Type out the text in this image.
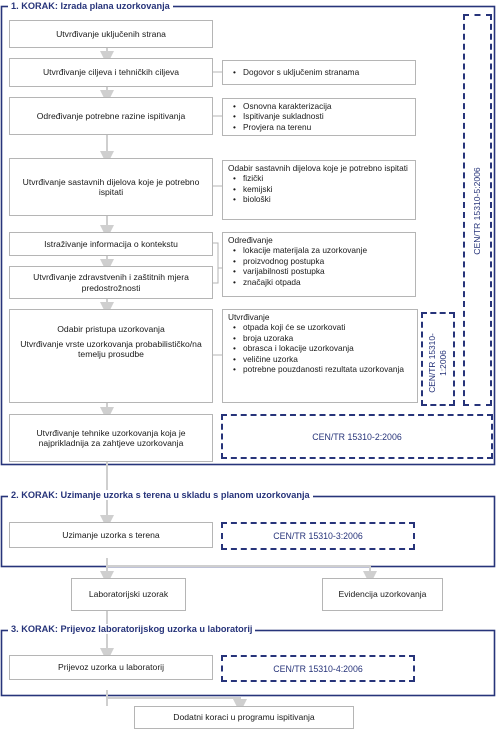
1. KORAK: Izrada plana uzorkovanja
Utvrđivanje uključenih strana
Utvrđivanje ciljeva i tehničkih ciljeva
Određivanje potrebne razine ispitivanja
Utvrđivanje sastavnih dijelova koje je potrebno ispitati
Istraživanje informacija o kontekstu
Utvrđivanje zdravstvenih i zaštitnih mjera predostrožnosti
Odabir pristupa uzorkovanja
Utvrđivanje vrste uzorkovanja probabilističko/na temelju prosudbe
Utvrđivanje tehnike uzorkovanja koja je najprikladnija za zahtjeve uzorkovanja
• Dogovor s uključenim stranama
• Osnovna karakterizacija
• Ispitivanje sukladnosti
• Provjera na terenu
Odabir sastavnih dijelova koje je potrebno ispitati
• fizički
• kemijski
• biološki
Određivanje
• lokacije materijala za uzorkovanje
• proizvodnog postupka
• varijabilnosti postupka
• značajki otpada
Utvrđivanje
• otpada koji će se uzorkovati
• broja uzoraka
• obrasca i lokacije uzorkovanja
• veličine uzorka
• potrebne pouzdanosti rezultata uzorkovanja	CEN/TR 15310- 1:2006
CEN/TR 15310-5:2006
CEN/TR 15310-2:2006
2. KORAK: Uzimanje uzorka s terena u skladu s planom uzorkovanja
Uzimanje uzorka s terena	CEN/TR 15310-3:2006
Laboratorijski uzorak	Evidencija uzorkovanja
3. KORAK: Prijevoz laboratorijskog uzorka u laboratorij
Prijevoz uzorka u laboratorij	CEN/TR 15310-4:2006
Dodatni koraci u programu ispitivanja
